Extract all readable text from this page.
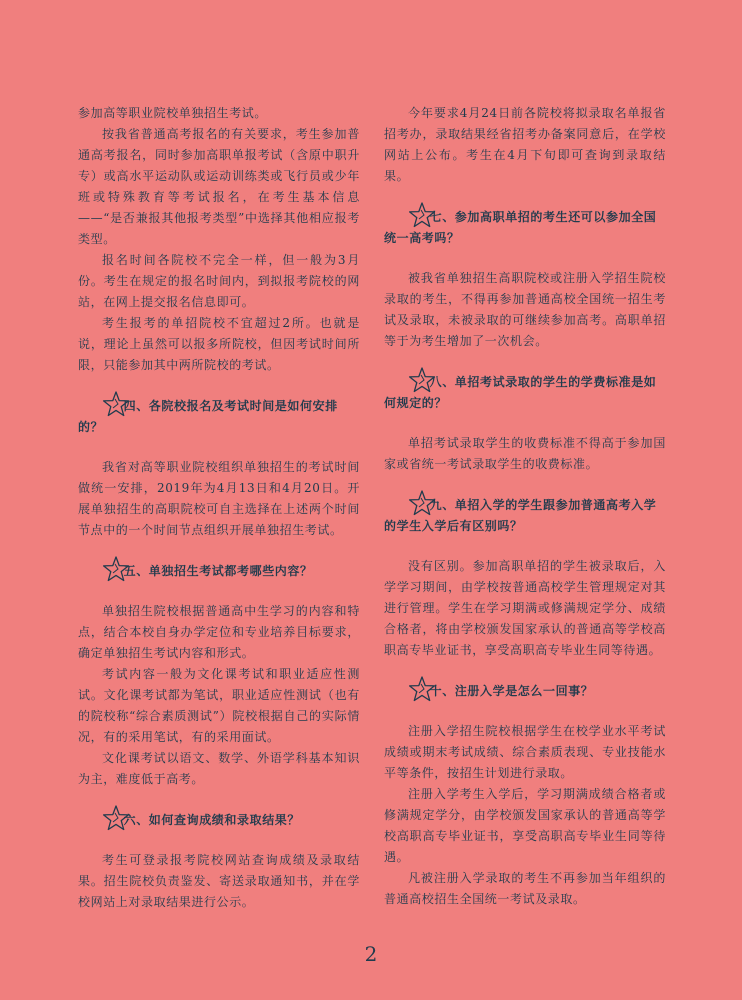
参加高等职业院校单独招生考试。

按我省普通高考报名的有关要求，考生参加普通高考报名，同时参加高职单报考试（含原中职升专）或高水平运动队或运动训练类或飞行员或少年班或特殊教育等考试报名，在考生基本信息——“是否兼报其他报考类型”中选择其他相应报考类型。

报名时间各院校不完全一样，但一般为3月份。考生在规定的报名时间内，到拟报考院校的网站，在网上提交报名信息即可。

考生报考的单招院校不宜超过2所。也就是说，理论上虽然可以报多所院校，但因考试时间所限，只能参加其中两所院校的考试。

四、各院校报名及考试时间是如何安排的？

我省对高等职业院校组织单独招生的考试时间做统一安排，2019年为4月13日和4月20日。开展单独招生的高职院校可自主选择在上述两个时间节点中的一个时间节点组织开展单独招生考试。

五、单独招生考试都考哪些内容？

单独招生院校根据普通高中生学习的内容和特点，结合本校自身办学定位和专业培养目标要求，确定单独招生考试内容和形式。

考试内容一般为文化课考试和职业适应性测试。文化课考试都为笔试，职业适应性测试（也有的院校称“综合素质测试”）院校根据自己的实际情况，有的采用笔试，有的采用面试。

文化课考试以语文、数学、外语学科基本知识为主，难度低于高考。

六、如何查询成绩和录取结果？

考生可登录报考院校网站查询成绩及录取结果。招生院校负责鉴发、寄送录取通知书，并在学校网站上对录取结果进行公示。

今年要求4月24日前各院校将拟录取名单报省招考办，录取结果经省招考办备案同意后，在学校网站上公布。考生在4月下旬即可查询到录取结果。

七、参加高职单招的考生还可以参加全国统一高考吗？

被我省单独招生高职院校或注册入学招生院校录取的考生，不得再参加普通高校全国统一招生考试及录取，未被录取的可继续参加高考。高职单招等于为考生增加了一次机会。

八、单招考试录取的学生的学费标准是如何规定的？

单招考试录取学生的收费标准不得高于参加国家或省统一考试录取学生的收费标准。

九、单招入学的学生跟参加普通高考入学的学生入学后有区别吗？

没有区别。参加高职单招的学生被录取后，入学学习期间，由学校按普通高校学生管理规定对其进行管理。学生在学习期满或修满规定学分、成绩合格者，将由学校颁发国家承认的普通高等学校高职高专毕业证书，享受高职高专毕业生同等待遇。

十、注册入学是怎么一回事？

注册入学招生院校根据学生在校学业水平考试成绩或期末考试成绩、综合素质表现、专业技能水平等条件，按招生计划进行录取。

注册入学考生入学后，学习期满成绩合格者或修满规定学分，由学校颁发国家承认的普通高等学校高职高专毕业证书，享受高职高专毕业生同等待遇。

凡被注册入学录取的考生不再参加当年组织的普通高校招生全国统一考试及录取。

2
